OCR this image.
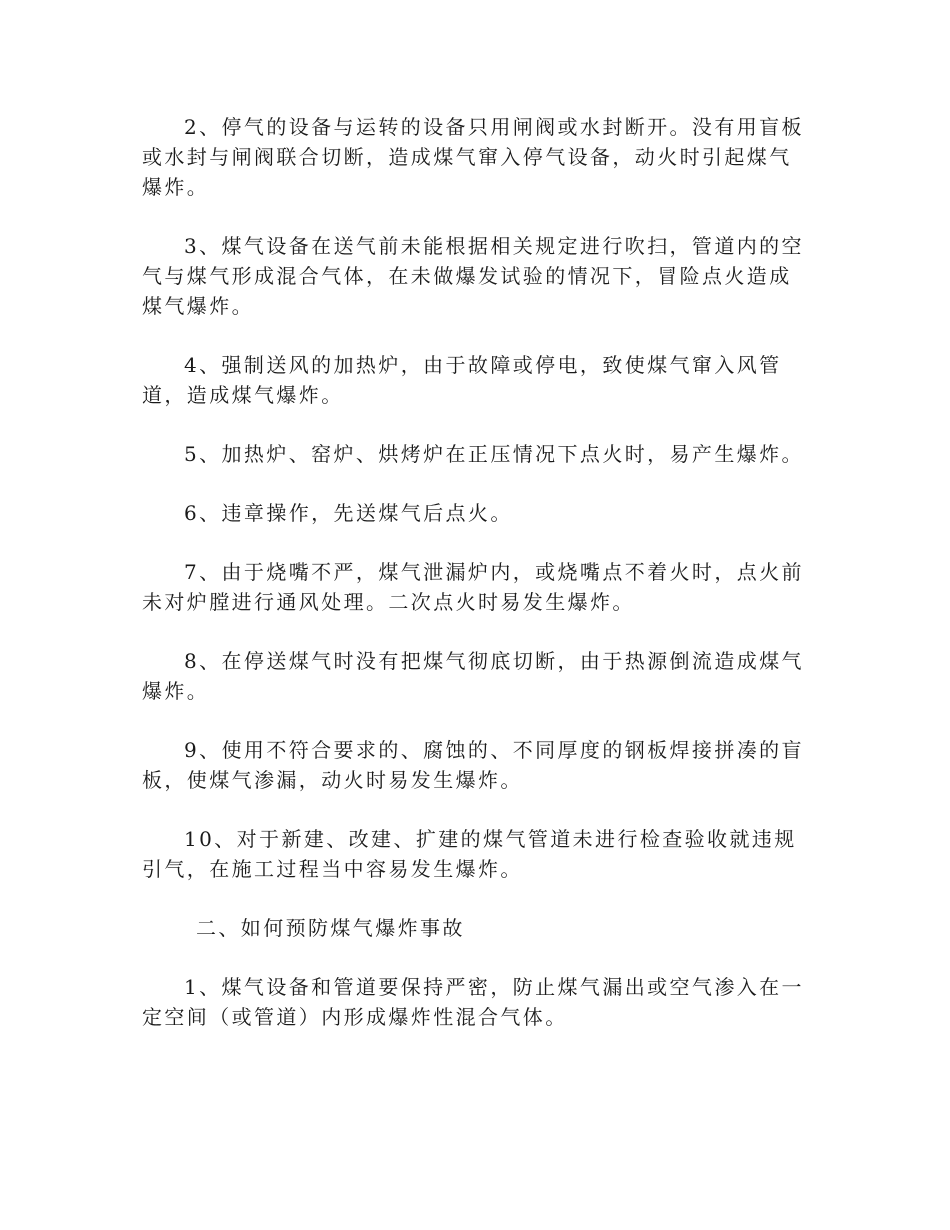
2、停气的设备与运转的设备只用闸阀或水封断开。没有用盲板或水封与闸阀联合切断，造成煤气窜入停气设备，动火时引起煤气爆炸。

3、煤气设备在送气前未能根据相关规定进行吹扫，管道内的空气与煤气形成混合气体，在未做爆发试验的情况下，冒险点火造成煤气爆炸。

4、强制送风的加热炉，由于故障或停电，致使煤气窜入风管道，造成煤气爆炸。

5、加热炉、窑炉、烘烤炉在正压情况下点火时，易产生爆炸。

6、违章操作，先送煤气后点火。

7、由于烧嘴不严，煤气泄漏炉内，或烧嘴点不着火时，点火前未对炉膛进行通风处理。二次点火时易发生爆炸。

8、在停送煤气时没有把煤气彻底切断，由于热源倒流造成煤气爆炸。

9、使用不符合要求的、腐蚀的、不同厚度的钢板焊接拼凑的盲板，使煤气渗漏，动火时易发生爆炸。

10、对于新建、改建、扩建的煤气管道未进行检查验收就违规引气，在施工过程当中容易发生爆炸。

二、如何预防煤气爆炸事故

1、煤气设备和管道要保持严密，防止煤气漏出或空气渗入在一定空间（或管道）内形成爆炸性混合气体。
